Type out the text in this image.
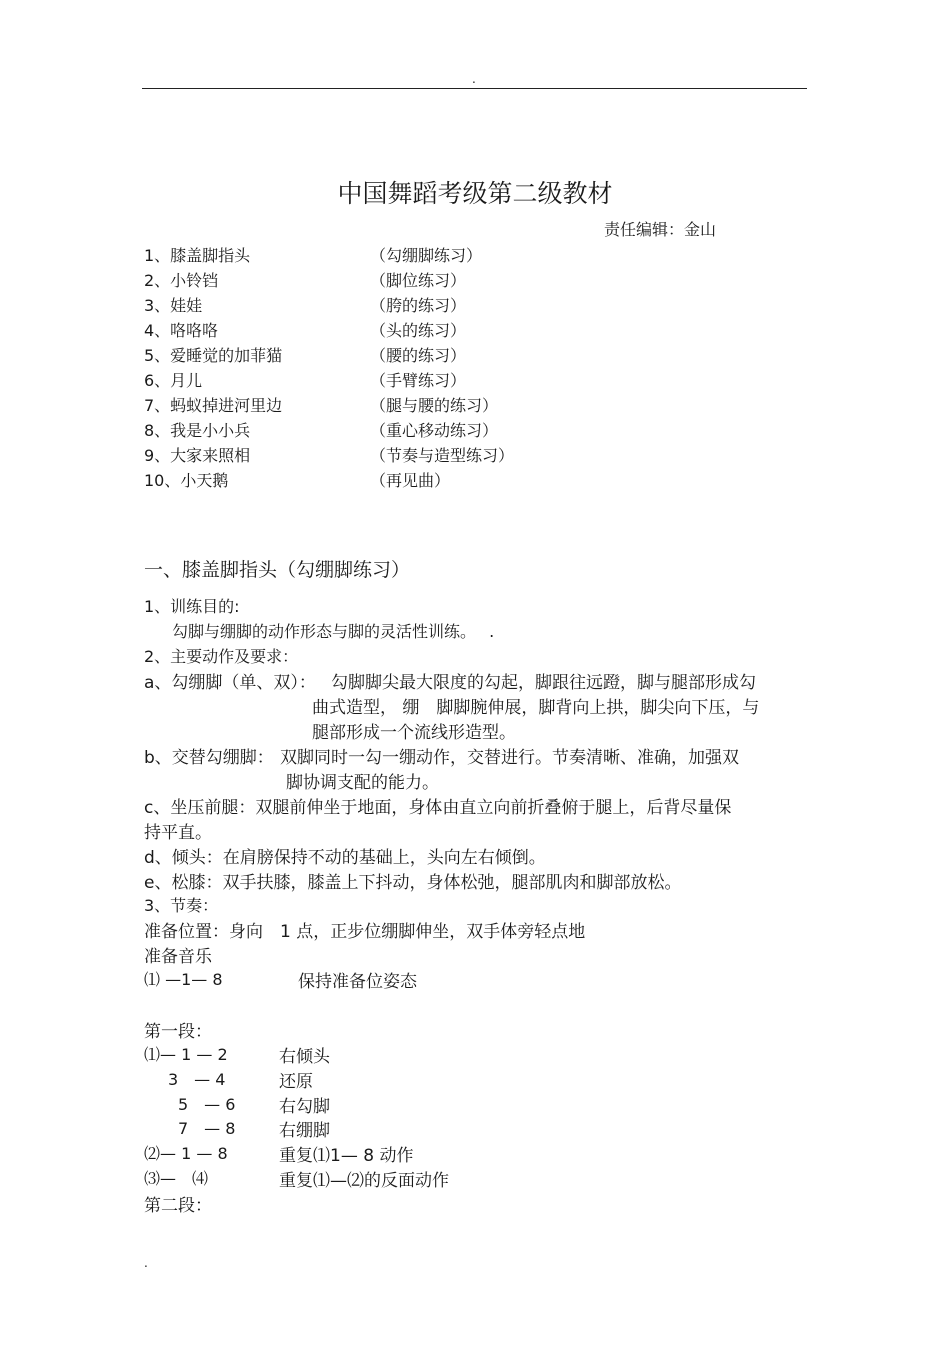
.
中国舞蹈考级第二级教材
责任编辑：金山
1、膝盖脚指头	（勾绷脚练习）
2、小铃铛	（脚位练习）
3、娃娃	（胯的练习）
4、咯咯咯	（头的练习）
5、爱睡觉的加菲猫	（腰的练习）
6、月儿	（手臂练习）
7、蚂蚁掉进河里边	（腿与腰的练习）
8、我是小小兵	（重心移动练习）
9、大家来照相	（节奏与造型练习）
10、小天鹅	（再见曲）
一、膝盖脚指头（勾绷脚练习）
1、训练目的:
勾脚与绷脚的动作形态与脚的灵活性训练。　 .
2、主要动作及要求：
a、勾绷脚（单、双）： 勾脚脚尖最大限度的勾起，脚跟往远蹬，脚与腿部形成勾
曲式造型， 绷　脚脚腕伸展，脚背向上拱，脚尖向下压，与
腿部形成一个流线形造型。
b、交替勾绷脚： 双脚同时一勾一绷动作，交替进行。节奏清晰、准确，加强双
脚协调支配的能力。
c、坐压前腿：双腿前伸坐于地面，身体由直立向前折叠俯于腿上，后背尽量保
持平直。
d、倾头：在肩膀保持不动的基础上，头向左右倾倒。
e、松膝：双手扶膝，膝盖上下抖动，身体松弛，腿部肌肉和脚部放松。
3、节奏：
准备位置：身向　1 点，正步位绷脚伸坐，双手体旁轻点地
准备音乐
⑴ —1— 8	保持准备位姿态
第一段：
⑴— 1 — 2	右倾头
3　— 4	还原
5　— 6	右勾脚
7　— 8	右绷脚
⑵— 1 — 8	重复⑴1— 8 动作
⑶—　⑷	重复⑴—⑵的反面动作
第二段：
.
